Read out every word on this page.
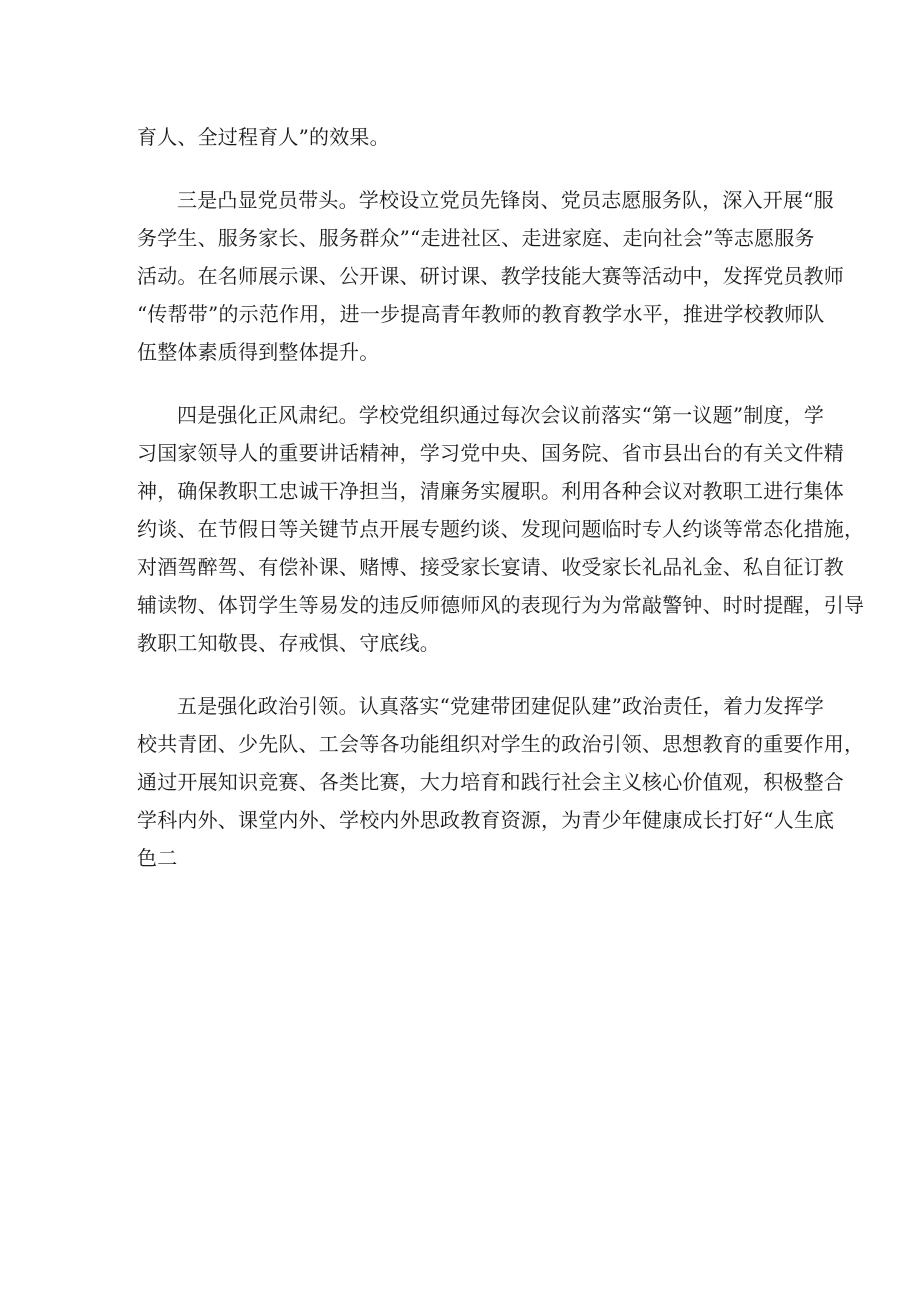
育人、全过程育人”的效果。
三是凸显党员带头。学校设立党员先锋岗、党员志愿服务队，深入开展“服
务学生、服务家长、服务群众”“走进社区、走进家庭、走向社会”等志愿服务
活动。在名师展示课、公开课、研讨课、教学技能大赛等活动中，发挥党员教师
“传帮带”的示范作用，进一步提高青年教师的教育教学水平，推进学校教师队
伍整体素质得到整体提升。
四是强化正风肃纪。学校党组织通过每次会议前落实“第一议题”制度，学
习国家领导人的重要讲话精神，学习党中央、国务院、省市县出台的有关文件精
神，确保教职工忠诚干净担当，清廉务实履职。利用各种会议对教职工进行集体
约谈、在节假日等关键节点开展专题约谈、发现问题临时专人约谈等常态化措施，
对酒驾醉驾、有偿补课、赌博、接受家长宴请、收受家长礼品礼金、私自征订教
辅读物、体罚学生等易发的违反师德师风的表现行为为常敲警钟、时时提醒，引导
教职工知敬畏、存戒惧、守底线。
五是强化政治引领。认真落实“党建带团建促队建”政治责任，着力发挥学
校共青团、少先队、工会等各功能组织对学生的政治引领、思想教育的重要作用，
通过开展知识竞赛、各类比赛，大力培育和践行社会主义核心价值观，积极整合
学科内外、课堂内外、学校内外思政教育资源，为青少年健康成长打好“人生底
色二
